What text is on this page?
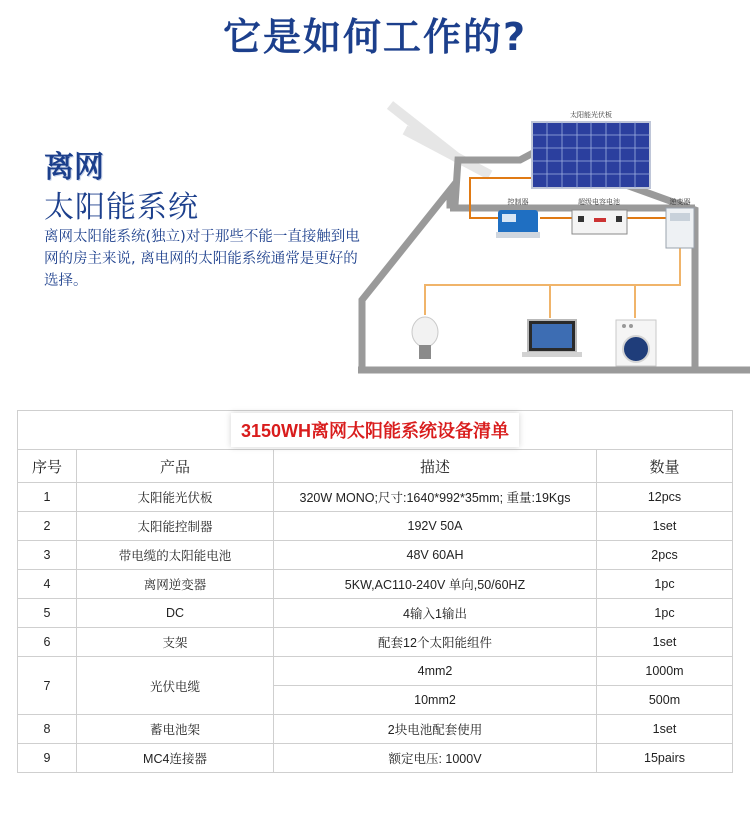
它是如何工作的?
离网
太阳能系统
离网太阳能系统(独立)对于那些不能一直接触到电网的房主来说, 离电网的太阳能系统通常是更好的选择。
太阳能光伏板
控制器	超级电容电池	逆变器
3150WH离网太阳能系统设备清单			
序号	产品	描述	数量
1	太阳能光伏板	320W MONO;尺寸:1640*992*35mm; 重量:19Kgs	12pcs
2	太阳能控制器	192V 50A	1set
3	带电缆的太阳能电池	48V 60AH	2pcs
4	离网逆变器	5KW,AC110-240V 单向,50/60HZ	1pc
5	DC	4输入1输出	1pc
6	支架	配套12个太阳能组件	1set
7	光伏电缆	4mm2	1000m
		10mm2	500m
8	蓄电池架	2块电池配套使用	1set
9	MC4连接器	额定电压: 1000V	15pairs
